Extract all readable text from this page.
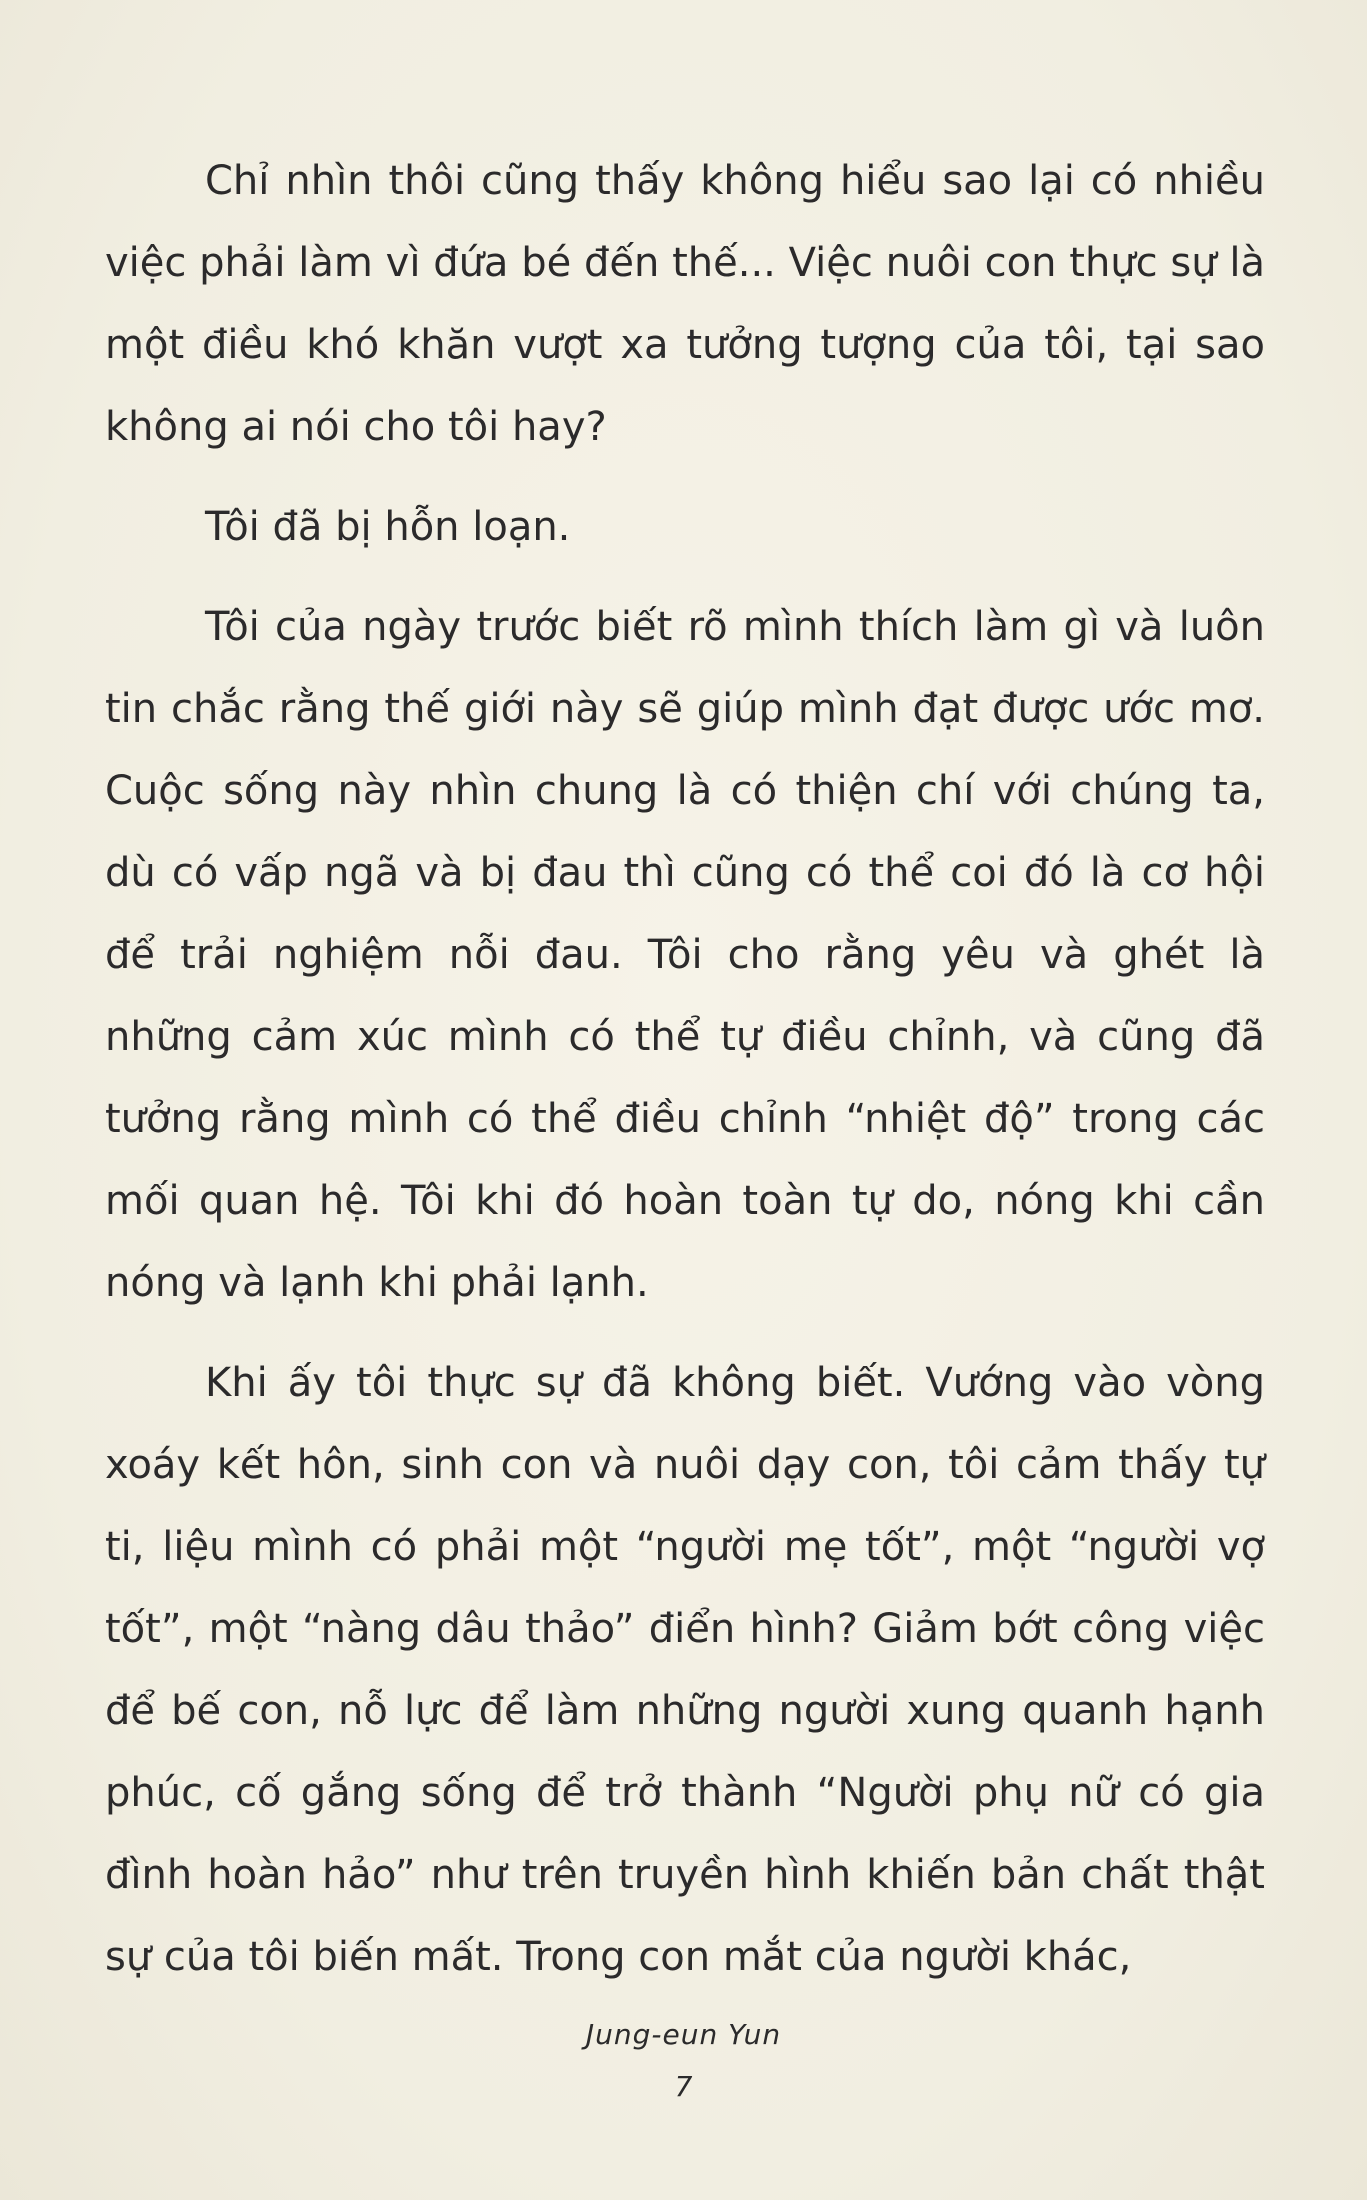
Chỉ nhìn thôi cũng thấy không hiểu sao lại có nhiều việc phải làm vì đứa bé đến thế... Việc nuôi con thực sự là một điều khó khăn vượt xa tưởng tượng của tôi, tại sao không ai nói cho tôi hay?

Tôi đã bị hỗn loạn.

Tôi của ngày trước biết rõ mình thích làm gì và luôn tin chắc rằng thế giới này sẽ giúp mình đạt được ước mơ. Cuộc sống này nhìn chung là có thiện chí với chúng ta, dù có vấp ngã và bị đau thì cũng có thể coi đó là cơ hội để trải nghiệm nỗi đau. Tôi cho rằng yêu và ghét là những cảm xúc mình có thể tự điều chỉnh, và cũng đã tưởng rằng mình có thể điều chỉnh “nhiệt độ” trong các mối quan hệ. Tôi khi đó hoàn toàn tự do, nóng khi cần nóng và lạnh khi phải lạnh.

Khi ấy tôi thực sự đã không biết. Vướng vào vòng xoáy kết hôn, sinh con và nuôi dạy con, tôi cảm thấy tự ti, liệu mình có phải một “người mẹ tốt”, một “người vợ tốt”, một “nàng dâu thảo” điển hình? Giảm bớt công việc để bế con, nỗ lực để làm những người xung quanh hạnh phúc, cố gắng sống để trở thành “Người phụ nữ có gia đình hoàn hảo” như trên truyền hình khiến bản chất thật sự của tôi biến mất. Trong con mắt của người khác,

Jung-eun Yun
7
